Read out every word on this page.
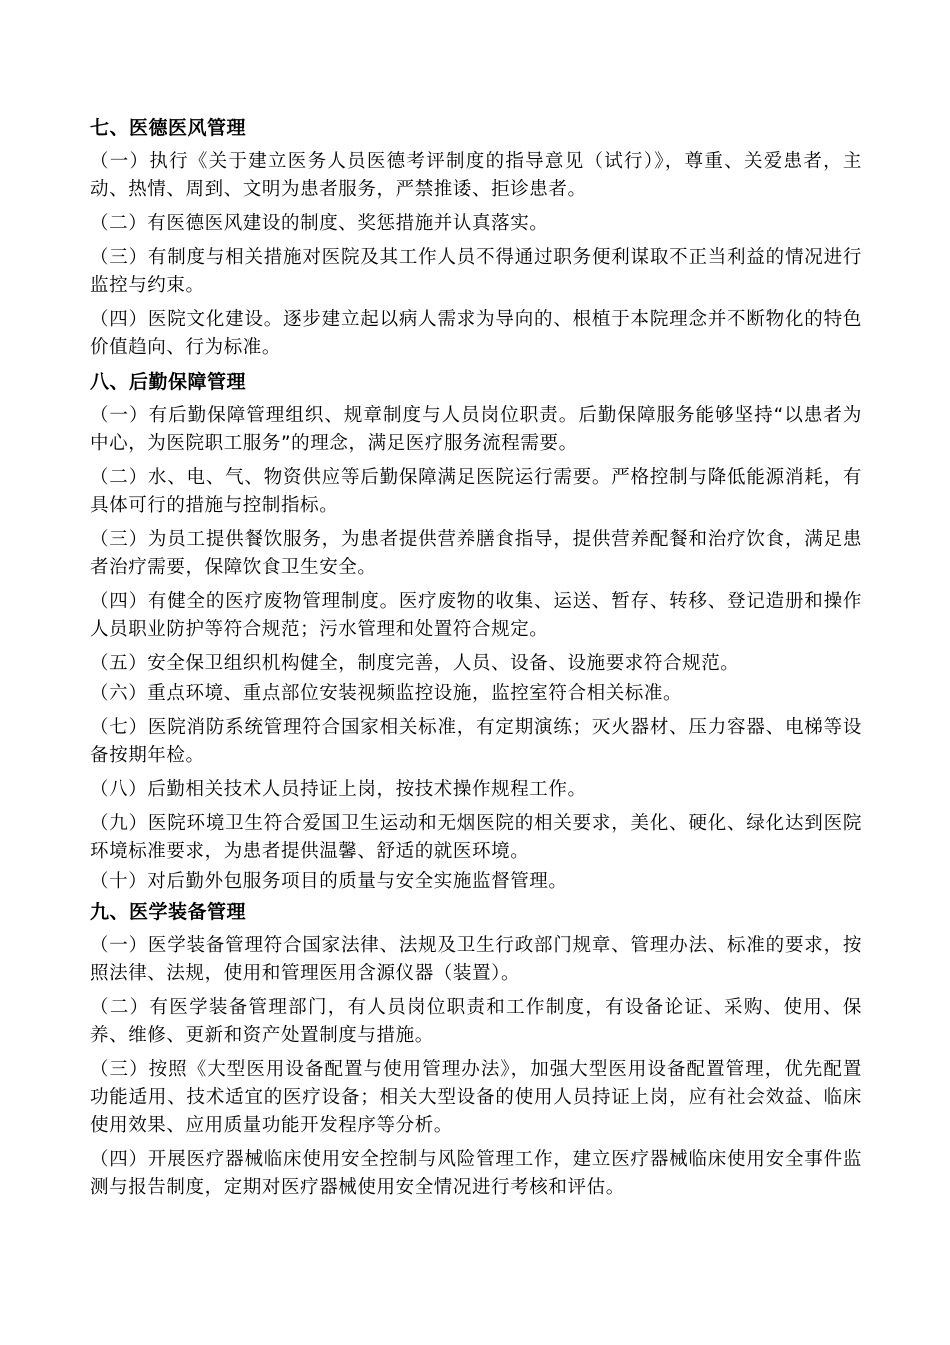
七、医德医风管理
（一）执行《关于建立医务人员医德考评制度的指导意见（试行）》，尊重、关爱患者，主动、热情、周到、文明为患者服务，严禁推诿、拒诊患者。
（二）有医德医风建设的制度、奖惩措施并认真落实。
（三）有制度与相关措施对医院及其工作人员不得通过职务便利谋取不正当利益的情况进行监控与约束。
（四）医院文化建设。逐步建立起以病人需求为导向的、根植于本院理念并不断物化的特色价值趋向、行为标准。
八、后勤保障管理
（一）有后勤保障管理组织、规章制度与人员岗位职责。后勤保障服务能够坚持“以患者为中心，为医院职工服务”的理念，满足医疗服务流程需要。
（二）水、电、气、物资供应等后勤保障满足医院运行需要。严格控制与降低能源消耗，有具体可行的措施与控制指标。
（三）为员工提供餐饮服务，为患者提供营养膳食指导，提供营养配餐和治疗饮食，满足患者治疗需要，保障饮食卫生安全。
（四）有健全的医疗废物管理制度。医疗废物的收集、运送、暂存、转移、登记造册和操作人员职业防护等符合规范；污水管理和处置符合规定。
（五）安全保卫组织机构健全，制度完善，人员、设备、设施要求符合规范。
（六）重点环境、重点部位安装视频监控设施，监控室符合相关标准。
（七）医院消防系统管理符合国家相关标准，有定期演练；灭火器材、压力容器、电梯等设备按期年检。
（八）后勤相关技术人员持证上岗，按技术操作规程工作。
（九）医院环境卫生符合爱国卫生运动和无烟医院的相关要求，美化、硬化、绿化达到医院环境标准要求，为患者提供温馨、舒适的就医环境。
（十）对后勤外包服务项目的质量与安全实施监督管理。
九、医学装备管理
（一）医学装备管理符合国家法律、法规及卫生行政部门规章、管理办法、标准的要求，按照法律、法规，使用和管理医用含源仪器（装置）。
（二）有医学装备管理部门，有人员岗位职责和工作制度，有设备论证、采购、使用、保养、维修、更新和资产处置制度与措施。
（三）按照《大型医用设备配置与使用管理办法》，加强大型医用设备配置管理，优先配置功能适用、技术适宜的医疗设备；相关大型设备的使用人员持证上岗，应有社会效益、临床使用效果、应用质量功能开发程序等分析。
（四）开展医疗器械临床使用安全控制与风险管理工作，建立医疗器械临床使用安全事件监测与报告制度，定期对医疗器械使用安全情况进行考核和评估。
